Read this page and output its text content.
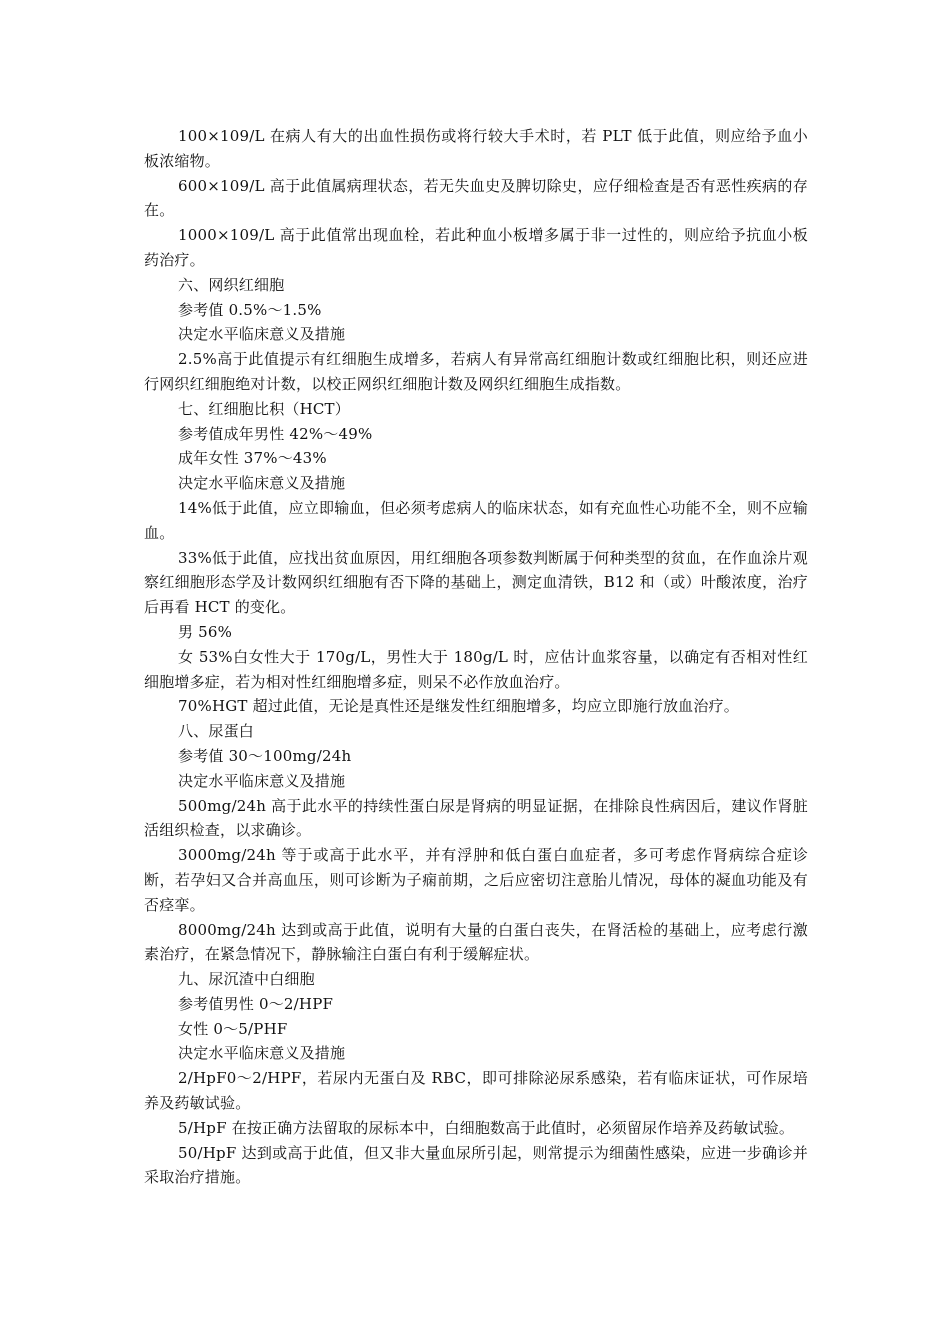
100×109/L 在病人有大的出血性损伤或将行较大手术时，若 PLT 低于此值，则应给予血小板浓缩物。

600×109/L 高于此值属病理状态，若无失血史及脾切除史，应仔细检查是否有恶性疾病的存在。

1000×109/L 高于此值常出现血栓，若此种血小板增多属于非一过性的，则应给予抗血小板药治疗。

六、网织红细胞

参考值 0.5%～1.5%

决定水平临床意义及措施

2.5%高于此值提示有红细胞生成增多，若病人有异常高红细胞计数或红细胞比积，则还应进行网织红细胞绝对计数，以校正网织红细胞计数及网织红细胞生成指数。

七、红细胞比积（HCT）

参考值成年男性 42%～49%

成年女性 37%～43%

决定水平临床意义及措施

14%低于此值，应立即输血，但必须考虑病人的临床状态，如有充血性心功能不全，则不应输血。

33%低于此值，应找出贫血原因，用红细胞各项参数判断属于何种类型的贫血，在作血涂片观察红细胞形态学及计数网织红细胞有否下降的基础上，测定血清铁，B12 和（或）叶酸浓度，治疗后再看 HCT 的变化。

男 56%

女 53%白女性大于 170g/L，男性大于 180g/L 时，应估计血浆容量，以确定有否相对性红细胞增多症，若为相对性红细胞增多症，则呆不必作放血治疗。

70%HGT 超过此值，无论是真性还是继发性红细胞增多，均应立即施行放血治疗。

八、尿蛋白

参考值 30～100mg/24h

决定水平临床意义及措施

500mg/24h 高于此水平的持续性蛋白尿是肾病的明显证据，在排除良性病因后，建议作肾脏活组织检查，以求确诊。

3000mg/24h 等于或高于此水平，并有浮肿和低白蛋白血症者，多可考虑作肾病综合症诊断，若孕妇又合并高血压，则可诊断为子痫前期，之后应密切注意胎儿情况，母体的凝血功能及有否痉挛。

8000mg/24h 达到或高于此值，说明有大量的白蛋白丧失，在肾活检的基础上，应考虑行激素治疗，在紧急情况下，静脉输注白蛋白有利于缓解症状。

九、尿沉渣中白细胞

参考值男性 0～2/HPF

女性 0～5/PHF

决定水平临床意义及措施

2/HpF0～2/HPF，若尿内无蛋白及 RBC，即可排除泌尿系感染，若有临床证状，可作尿培养及药敏试验。

5/HpF 在按正确方法留取的尿标本中，白细胞数高于此值时，必须留尿作培养及药敏试验。

50/HpF 达到或高于此值，但又非大量血尿所引起，则常提示为细菌性感染，应进一步确诊并采取治疗措施。
